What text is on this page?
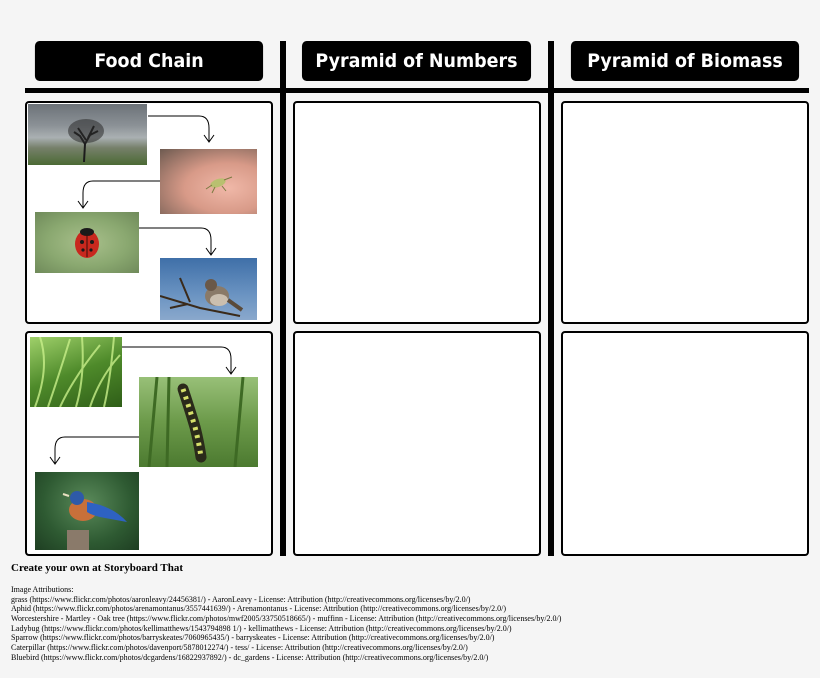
Food Chain	Pyramid of Numbers	Pyramid of Biomass
Create your own at Storyboard That
Image Attributions:
grass (https://www.flickr.com/photos/aaronleavy/24456381/) - AaronLeavy - License: Attribution (http://creativecommons.org/licenses/by/2.0/)
Aphid (https://www.flickr.com/photos/arenamontanus/3557441639/) - Arenamontanus - License: Attribution (http://creativecommons.org/licenses/by/2.0/)
Worcestershire - Martley - Oak tree (https://www.flickr.com/photos/mwf2005/33750518665/) - muffinn - License: Attribution (http://creativecommons.org/licenses/by/2.0/)
Ladybug (https://www.flickr.com/photos/kellimatthews/1543794898 1/) - kellimatthews - License: Attribution (http://creativecommons.org/licenses/by/2.0/)
Sparrow (https://www.flickr.com/photos/barryskeates/7060965435/) - barryskeates - License: Attribution (http://creativecommons.org/licenses/by/2.0/)
Caterpillar (https://www.flickr.com/photos/davenport/5878012274/) - tess/ - License: Attribution (http://creativecommons.org/licenses/by/2.0/)
Bluebird (https://www.flickr.com/photos/dcgardens/16822937892/) - dc_gardens - License: Attribution (http://creativecommons.org/licenses/by/2.0/)
